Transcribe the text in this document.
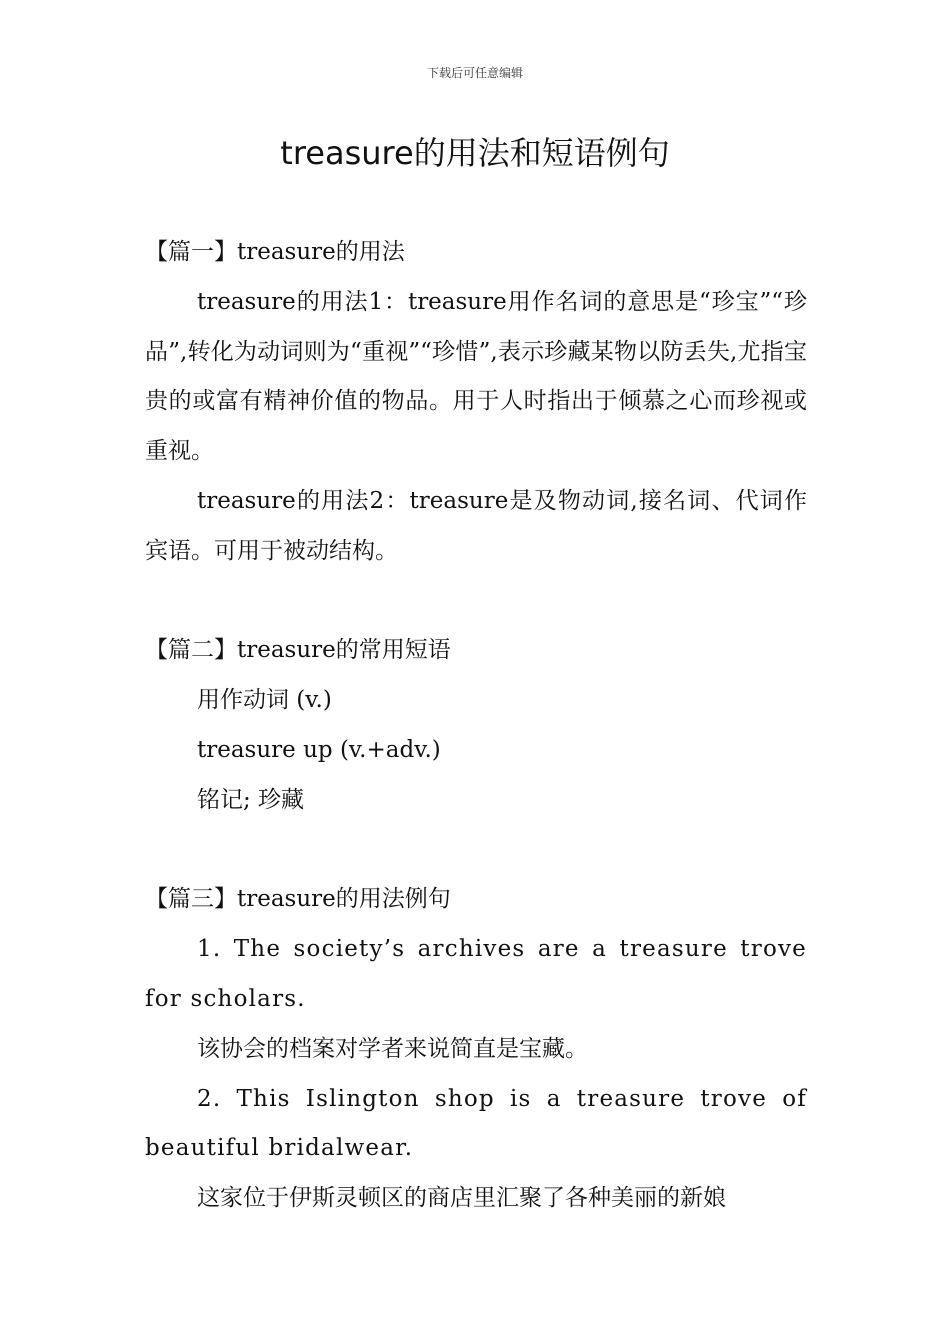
下载后可任意编辑
treasure的用法和短语例句

【篇一】treasure的用法

treasure的用法1：treasure用作名词的意思是“珍宝”“珍品”,转化为动词则为“重视”“珍惜”,表示珍藏某物以防丢失,尤指宝贵的或富有精神价值的物品。用于人时指出于倾慕之心而珍视或重视。

treasure的用法2：treasure是及物动词,接名词、代词作宾语。可用于被动结构。

【篇二】treasure的常用短语

用作动词 (v.)

treasure up (v.+adv.)

铭记; 珍藏

【篇三】treasure的用法例句

1. The society’s archives are a treasure trove for scholars.

该协会的档案对学者来说简直是宝藏。

2. This Islington shop is a treasure trove of beautiful bridalwear.

这家位于伊斯灵顿区的商店里汇聚了各种美丽的新娘
